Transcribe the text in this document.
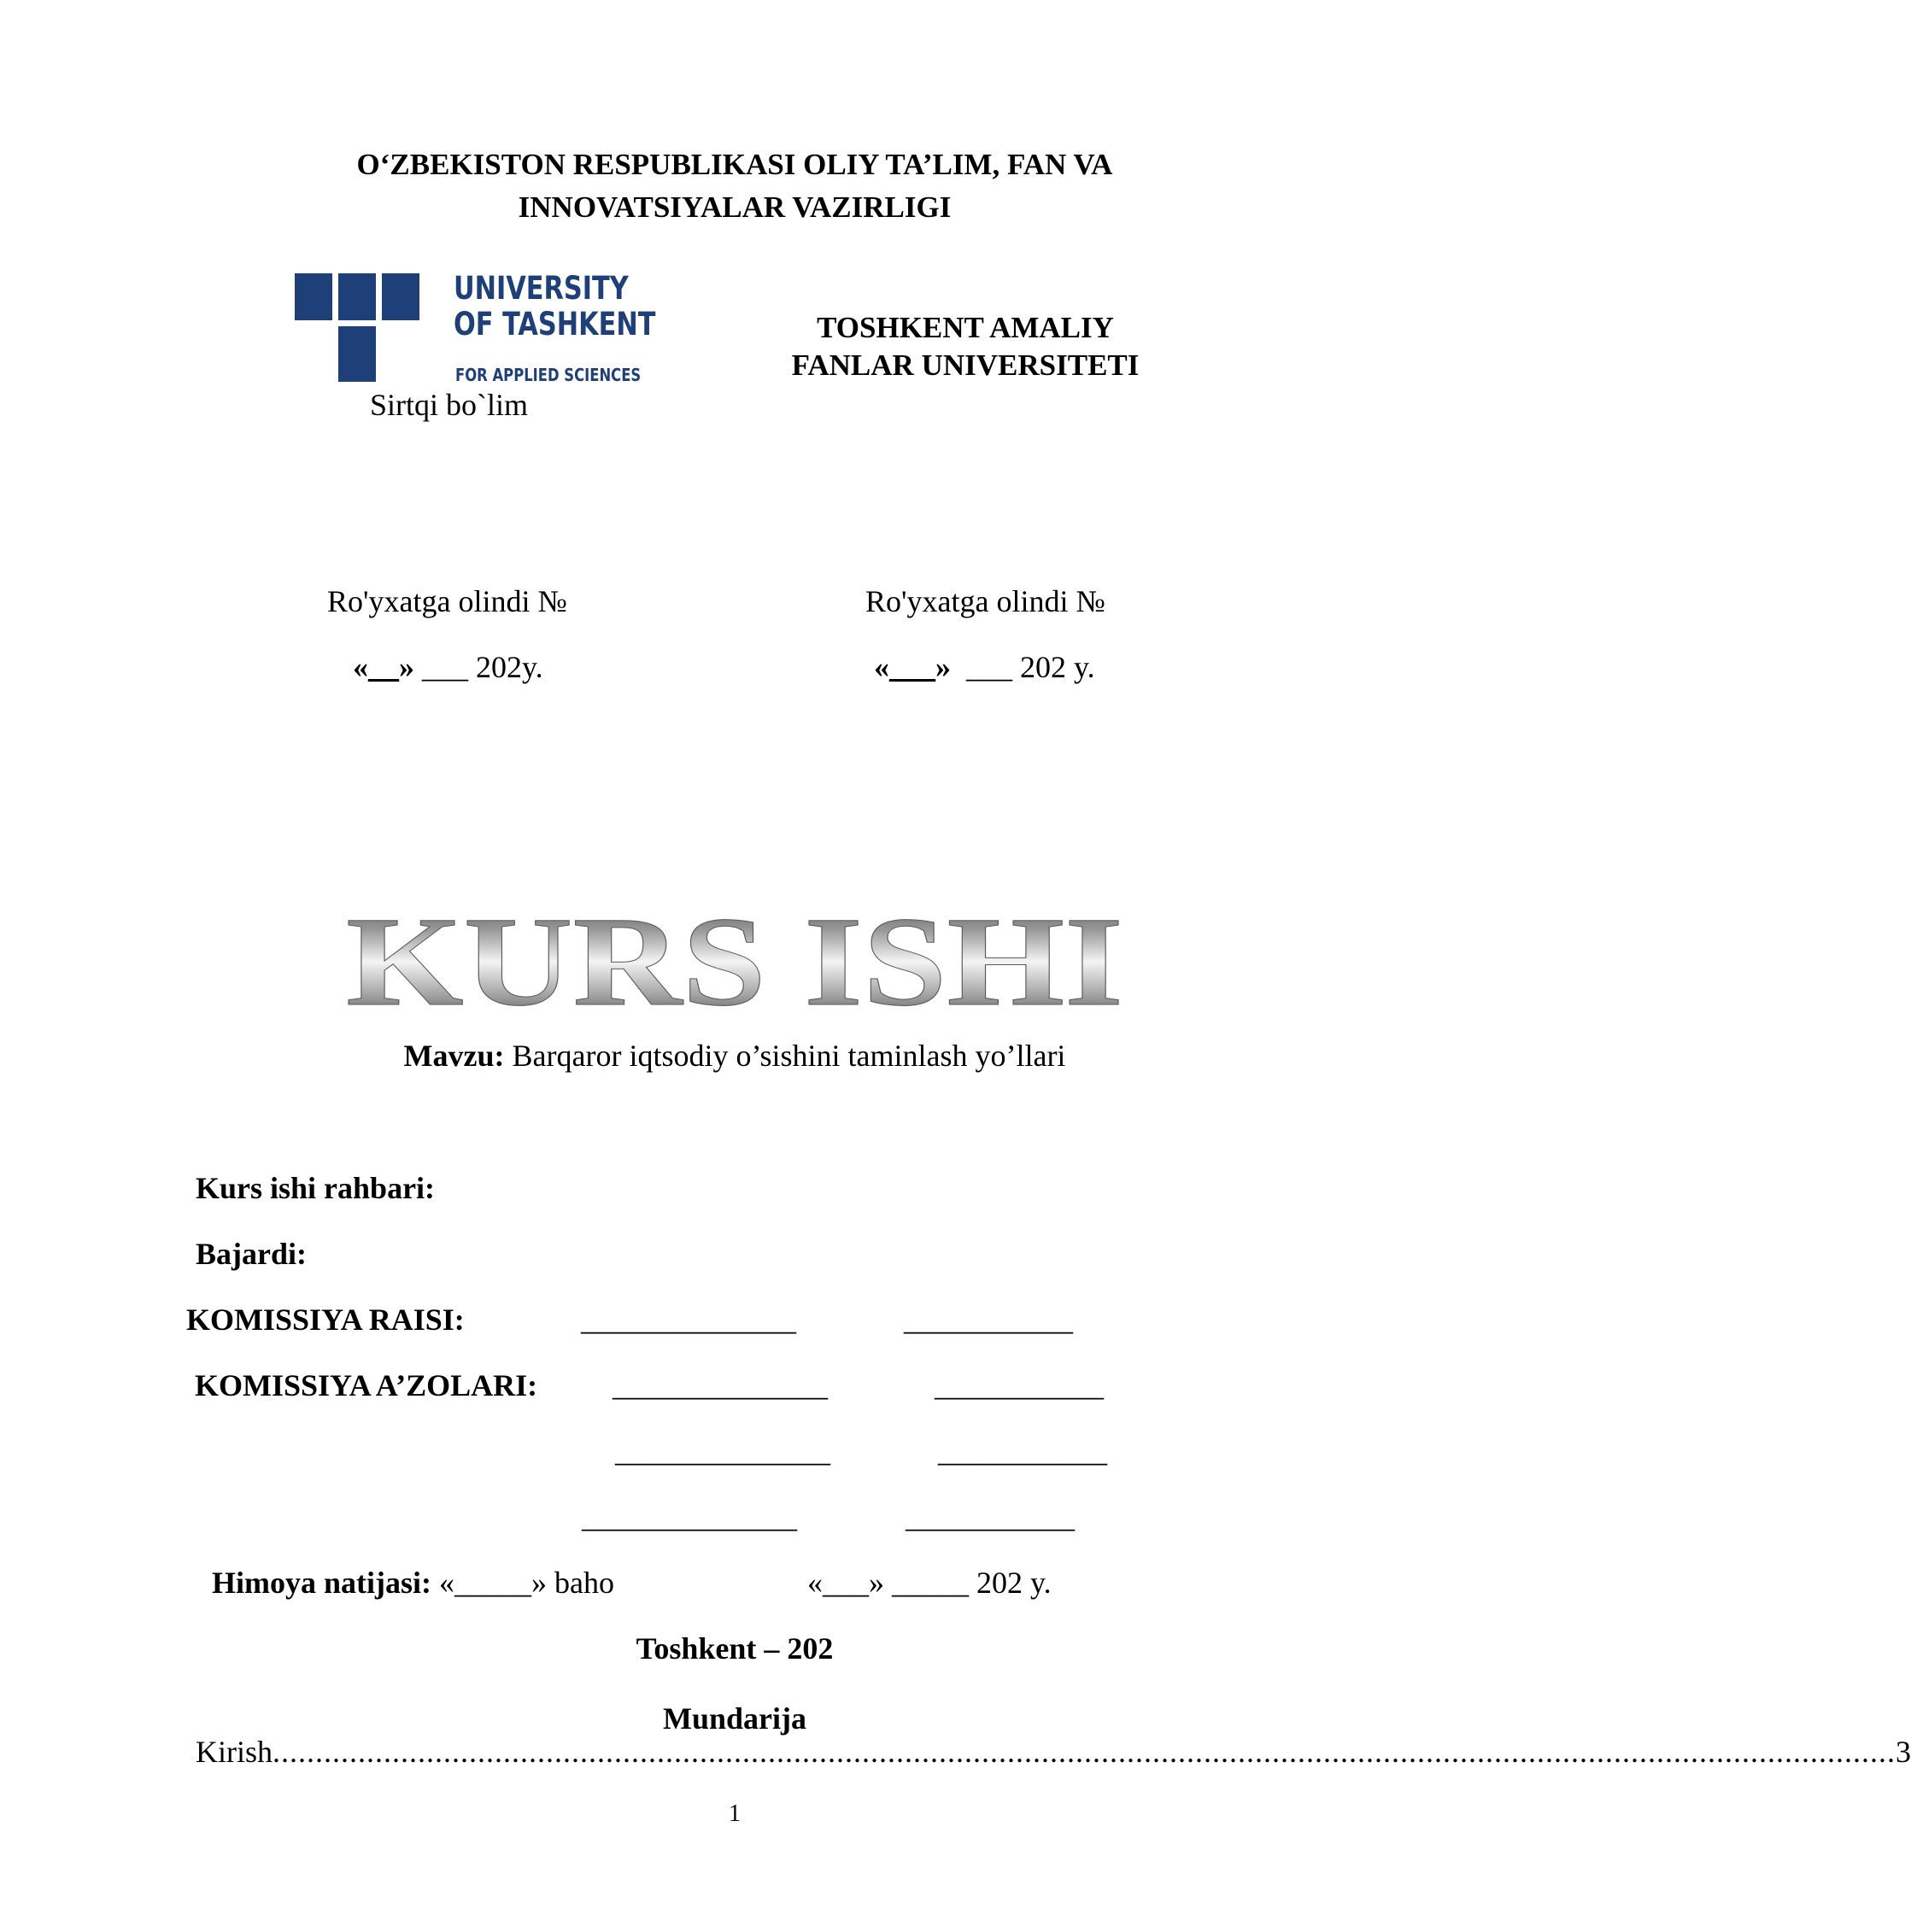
O‘ZBEKISTON RESPUBLIKASI OLIY TA’LIM, FAN VA
INNOVATSIYALAR VAZIRLIGI
UNIVERSITY
OF TASHKENT
FOR APPLIED SCIENCES
TOSHKENT AMALIY
FANLAR UNIVERSITETI
Sirtqi bo`lim
Ro'yxatga olindi №
«__» ___ 202y.
Ro'yxatga olindi №
«___» ___ 202 y.
KURS ISHI
Mavzu: Barqaror iqtsodiy o’sishini taminlash yo’llari
Kurs ishi rahbari:
Bajardi:
KOMISSIYA RAISI:	______________	___________
KOMISSIYA A’ZOLARI: ______________	___________
______________	___________
______________	___________
Himoya natijasi: «_____» baho	«___» _____ 202 y.
Toshkent – 202
Mundarija
Kirish .............................................................................................................................................................................................. 3
1
